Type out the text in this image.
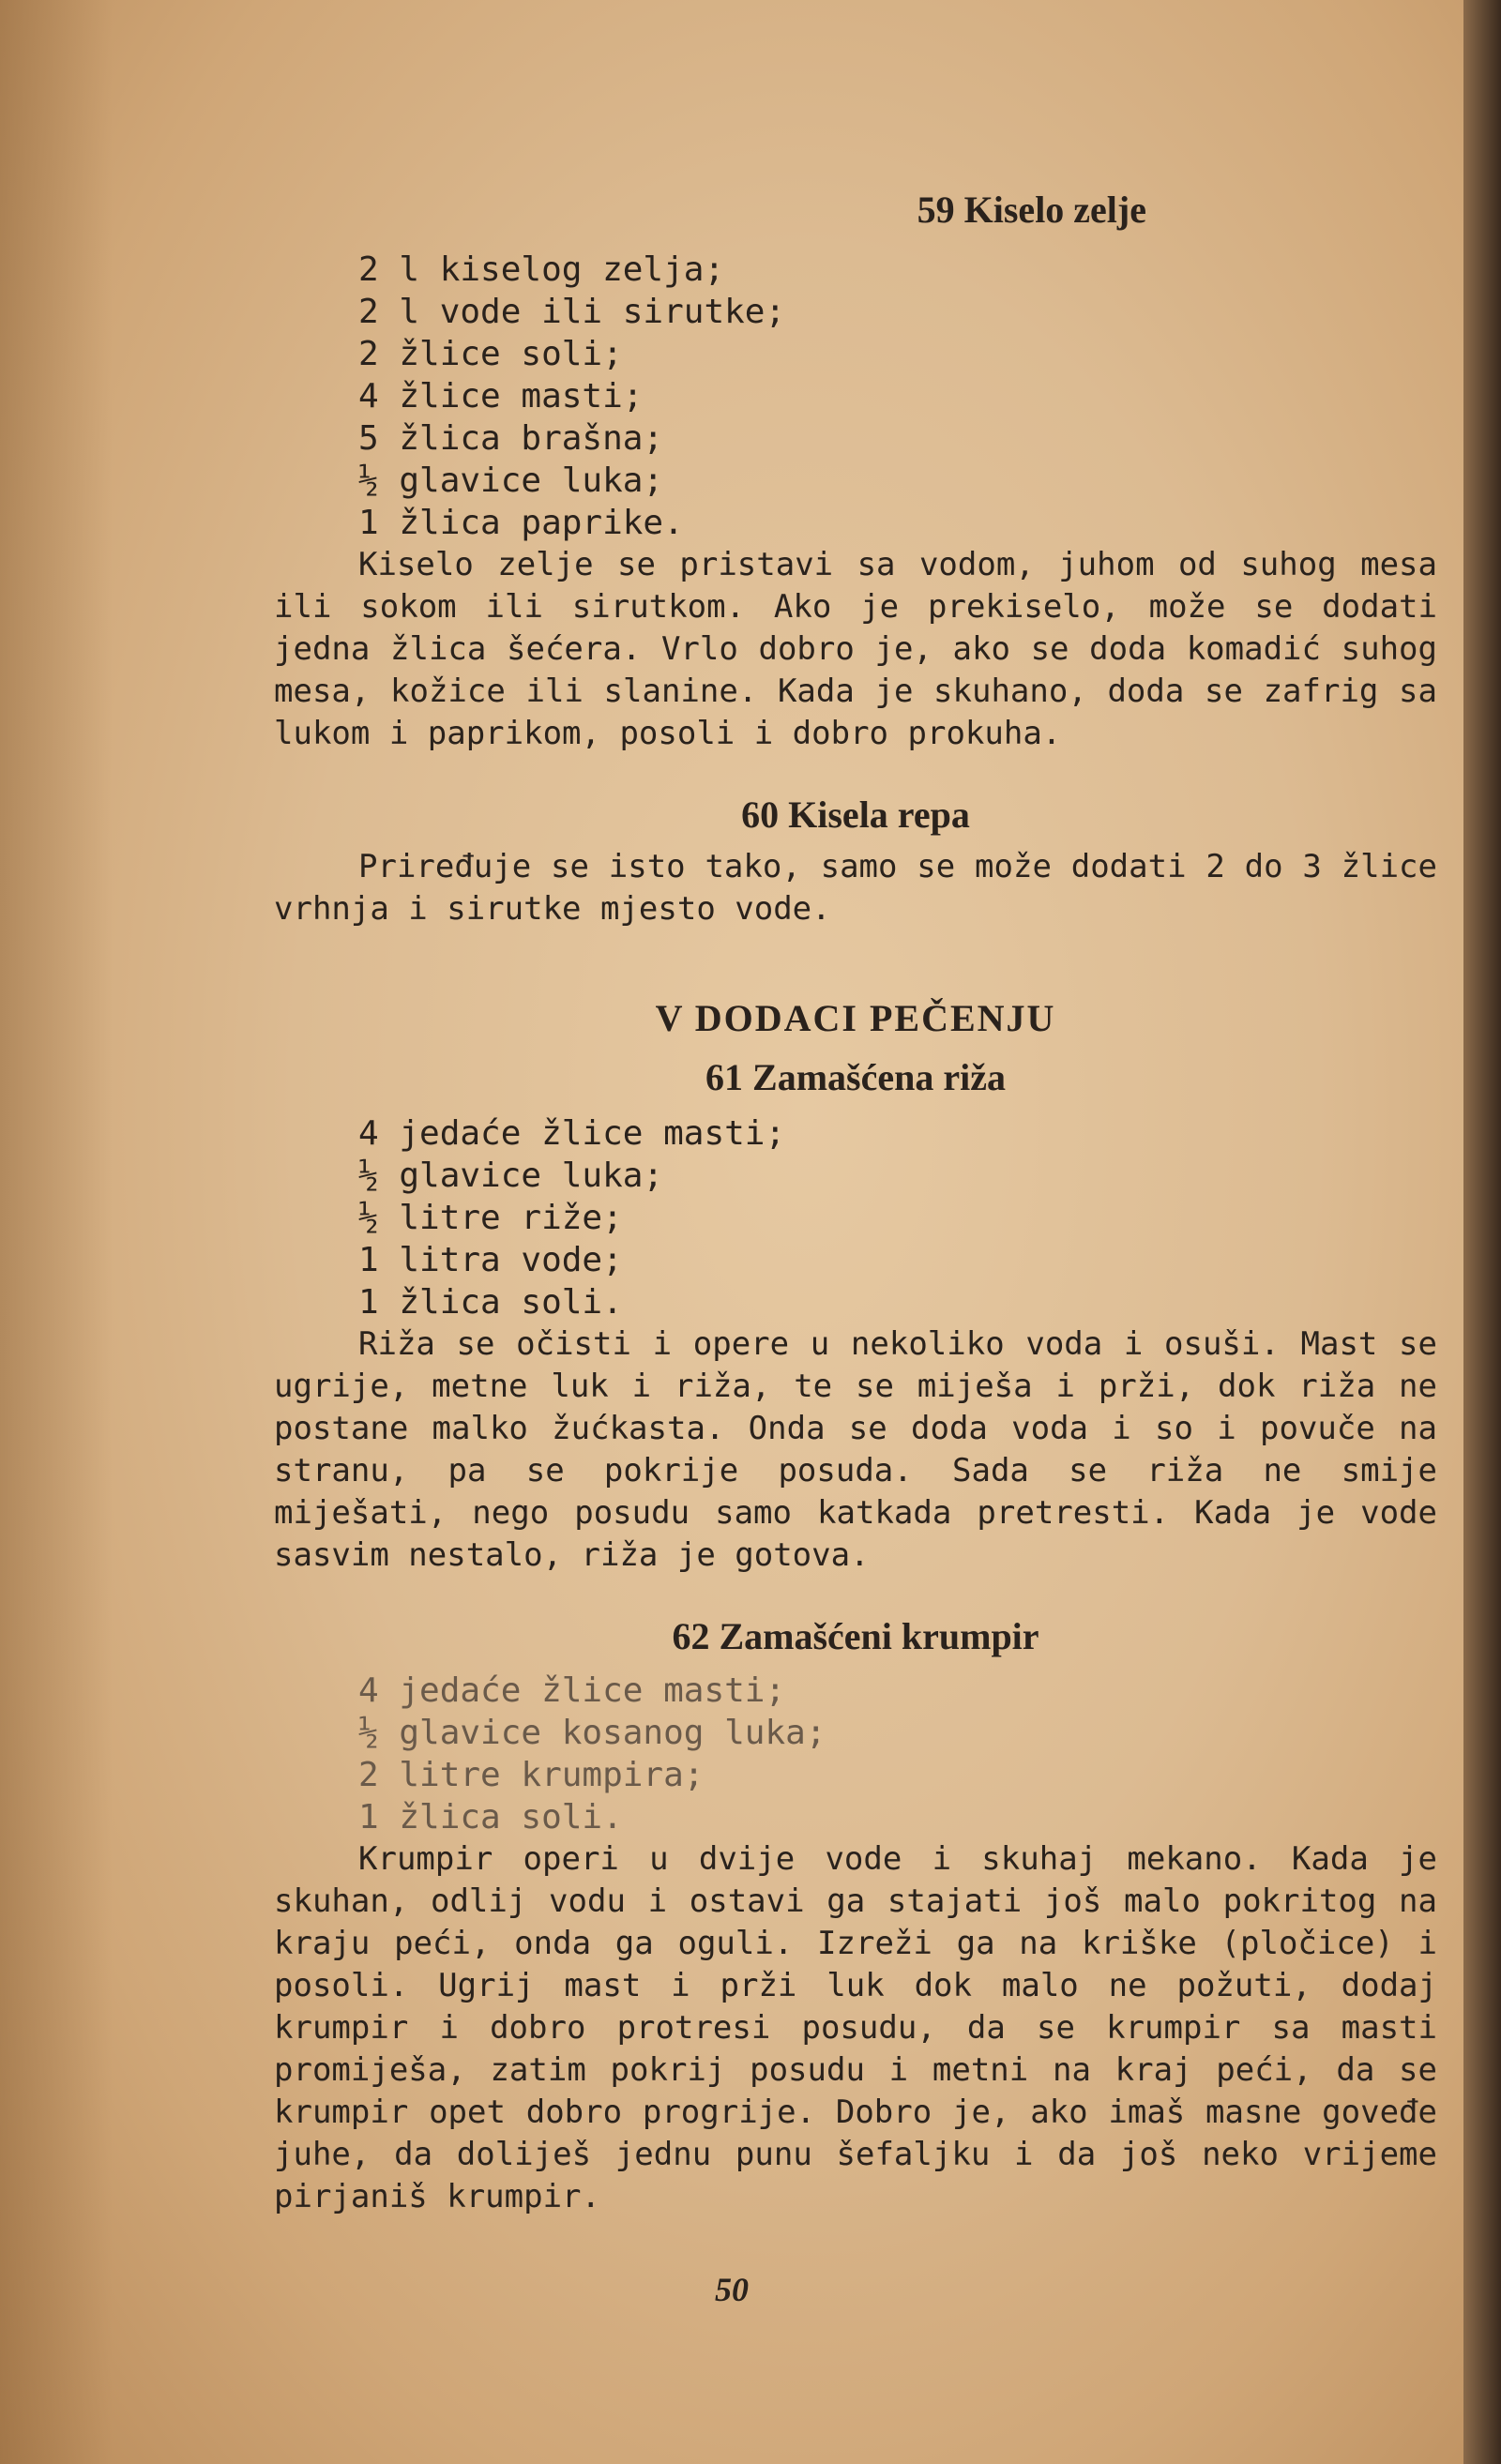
59 Kiselo zelje
2 l kiselog zelja;
2 l vode ili sirutke;
2 žlice soli;
4 žlice masti;
5 žlica brašna;
½ glavice luka;
1 žlica paprike.

Kiselo zelje se pristavi sa vodom, juhom od suhog mesa ili sokom ili sirutkom. Ako je prekiselo, može se dodati jedna žlica šećera. Vrlo dobro je, ako se doda komadić suhog mesa, kožice ili slanine. Kada je skuhano, doda se zafrig sa lukom i paprikom, posoli i dobro prokuha.

60 Kisela repa

Priređuje se isto tako, samo se može dodati 2 do 3 žlice vrhnja i sirutke mjesto vode.

V DODACI PEČENJU
61 Zamašćena riža
4 jedaće žlice masti;
½ glavice luka;
½ litre riže;
1 litra vode;
1 žlica soli.

Riža se očisti i opere u nekoliko voda i osuši. Mast se ugrije, metne luk i riža, te se miješa i prži, dok riža ne postane malko žućkasta. Onda se doda voda i so i povuče na stranu, pa se pokrije posuda. Sada se riža ne smije miješati, nego posudu samo katkada pretresti. Kada je vode sasvim nestalo, riža je gotova.

62 Zamašćeni krumpir
4 jedaće žlice masti;
½ glavice kosanog luka;
2 litre krumpira;
1 žlica soli.

Krumpir operi u dvije vode i skuhaj mekano. Kada je skuhan, odlij vodu i ostavi ga stajati još malo pokritog na kraju peći, onda ga oguli. Izreži ga na kriške (pločice) i posoli. Ugrij mast i prži luk dok malo ne požuti, dodaj krumpir i dobro protresi posudu, da se krumpir sa masti promiješa, zatim pokrij posudu i metni na kraj peći, da se krumpir opet dobro progrije. Dobro je, ako imaš masne goveđe juhe, da doliješ jednu punu šefaljku i da još neko vrijeme pirjaniš krumpir.

50
